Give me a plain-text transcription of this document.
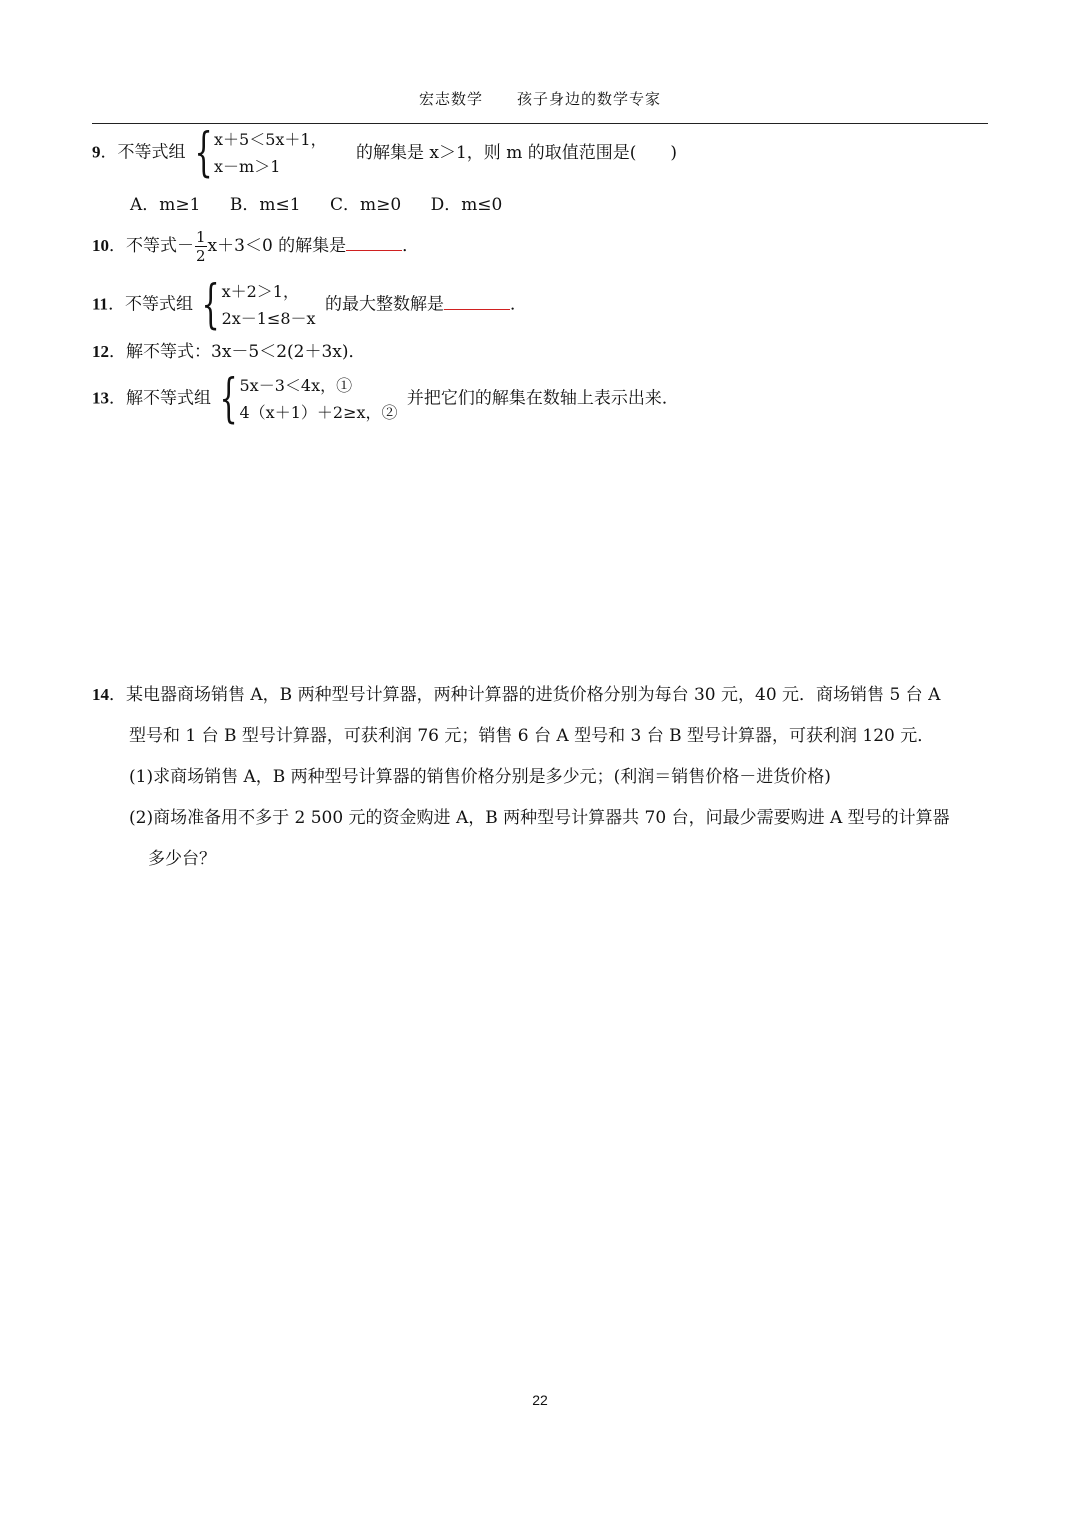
宏志数学 孩子身边的数学专家
9．不等式组 { x＋5＜5x＋1，
x－m＞1
的解集是 x＞1，则 m 的取值范围是(　　)
A．m≥1 B．m≤1 C．m≥0 D．m≤0
10．不等式－ $\frac{1}{2} x+3<0$ 的解集是	．
11．不等式组 { x＋2＞1，
2x－1≤8－x
的最大整数解是	．
12．解不等式：3x－5＜2(2＋3x)．
13．解不等式组 { 5x－3＜4x，①
4（x＋1）＋2≥x，②
并把它们的解集在数轴上表示出来．
14．某电器商场销售 A，B 两种型号计算器，两种计算器的进货价格分别为每台 30 元，40 元．商场销售 5 台 A
型号和 1 台 B 型号计算器，可获利润 76 元；销售 6 台 A 型号和 3 台 B 型号计算器，可获利润 120 元．
(1)求商场销售 A，B 两种型号计算器的销售价格分别是多少元；(利润＝销售价格－进货价格)
(2)商场准备用不多于 2 500 元的资金购进 A，B 两种型号计算器共 70 台，问最少需要购进 A 型号的计算器
多少台？
22
